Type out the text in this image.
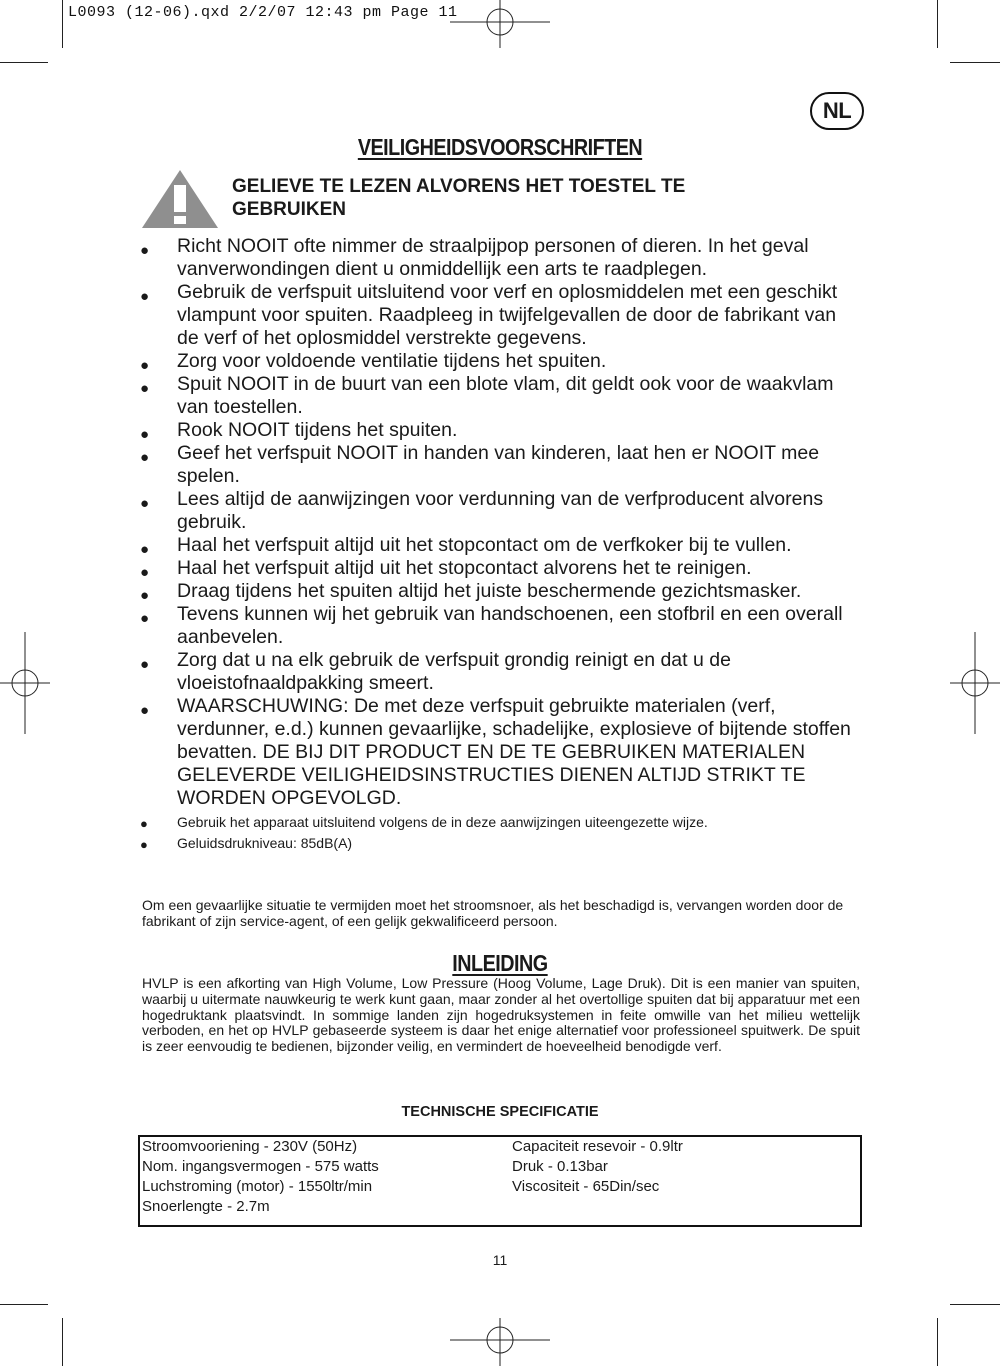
L0093 (12-06).qxd 2/2/07 12:43 pm Page 11
NL
VEILIGHEIDSVOORSCHRIFTEN
GELIEVE TE LEZEN ALVORENS HET TOESTEL TE GEBRUIKEN
● Richt NOOIT ofte nimmer de straalpijpop personen of dieren. In het geval vanverwondingen dient u onmiddellijk een arts te raadplegen.
● Gebruik de verfspuit uitsluitend voor verf en oplosmiddelen met een geschikt vlampunt voor spuiten. Raadpleeg in twijfelgevallen de door de fabrikant van de verf of het oplosmiddel verstrekte gegevens.
● Zorg voor voldoende ventilatie tijdens het spuiten.
● Spuit NOOIT in de buurt van een blote vlam, dit geldt ook voor de waakvlam van toestellen.
● Rook NOOIT tijdens het spuiten.
● Geef het verfspuit NOOIT in handen van kinderen, laat hen er NOOIT mee spelen.
● Lees altijd de aanwijzingen voor verdunning van de verfproducent alvorens gebruik.
● Haal het verfspuit altijd uit het stopcontact om de verfkoker bij te vullen.
● Haal het verfspuit altijd uit het stopcontact alvorens het te reinigen.
● Draag tijdens het spuiten altijd het juiste beschermende gezichtsmasker.
● Tevens kunnen wij het gebruik van handschoenen, een stofbril en een overall aanbevelen.
● Zorg dat u na elk gebruik de verfspuit grondig reinigt en dat u de vloeistofnaaldpakking smeert.
● WAARSCHUWING: De met deze verfspuit gebruikte materialen (verf, verdunner, e.d.) kunnen gevaarlijke, schadelijke, explosieve of bijtende stoffen bevatten. DE BIJ DIT PRODUCT EN DE TE GEBRUIKEN MATERIALEN GELEVERDE VEILIGHEIDSINSTRUCTIES DIENEN ALTIJD STRIKT TE WORDEN OPGEVOLGD.
● Gebruik het apparaat uitsluitend volgens de in deze aanwijzingen uiteengezette wijze.
● Geluidsdrukniveau: 85dB(A)
Om een gevaarlijke situatie te vermijden moet het stroomsnoer, als het beschadigd is, vervangen worden door de fabrikant of zijn service-agent, of een gelijk gekwalificeerd persoon.
INLEIDING
HVLP is een afkorting van High Volume, Low Pressure (Hoog Volume, Lage Druk). Dit is een manier van spuiten, waarbij u uitermate nauwkeurig te werk kunt gaan, maar zonder al het overtollige spuiten dat bij apparatuur met een hogedruktank plaatsvindt. In sommige landen zijn hogedruksystemen in feite omwille van het milieu wettelijk verboden, en het op HVLP gebaseerde systeem is daar het enige alternatief voor professioneel spuitwerk. De spuit is zeer eenvoudig te bedienen, bijzonder veilig, en vermindert de hoeveelheid benodigde verf.
TECHNISCHE SPECIFICATIE
Stroomvooriening - 230V (50Hz)
Nom. ingangsvermogen - 575 watts
Luchstroming (motor) - 1550ltr/min
Snoerlengte - 2.7m
Capaciteit resevoir - 0.9ltr
Druk - 0.13bar
Viscositeit - 65Din/sec
11
